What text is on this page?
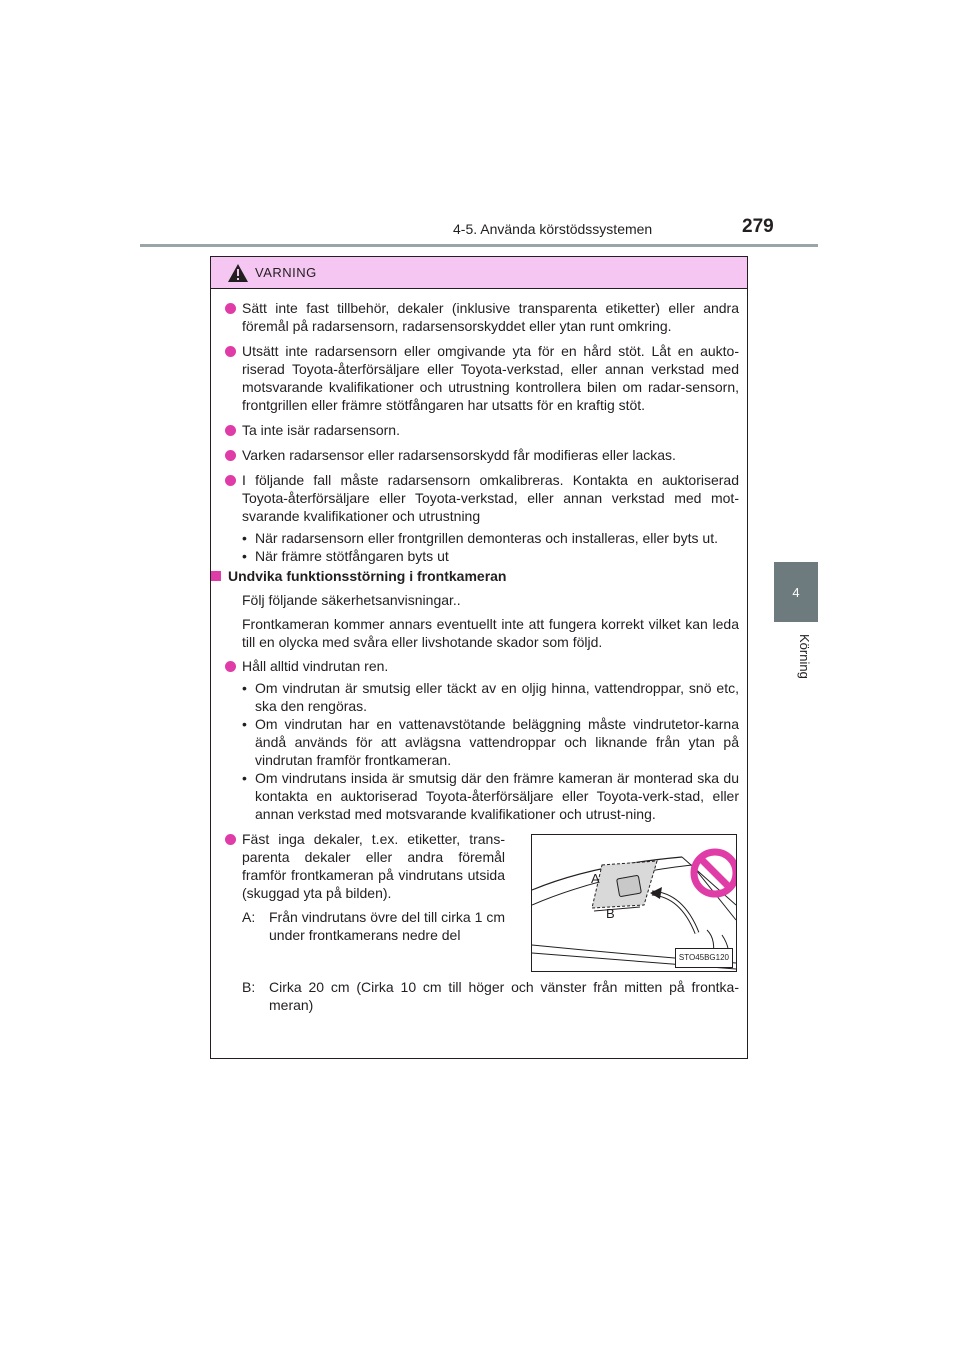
4-5. Använda körstödssystemen	279
4
Körning
VARNING
Sätt inte fast tillbehör, dekaler (inklusive transparenta etiketter) eller andra föremål på radarsensorn, radarsensorskyddet eller ytan runt omkring.
Utsätt inte radarsensorn eller omgivande yta för en hård stöt. Låt en aukto-riserad Toyota-återförsäljare eller Toyota-verkstad, eller annan verkstad med motsvarande kvalifikationer och utrustning kontrollera bilen om radar-sensorn, frontgrillen eller främre stötfångaren har utsatts för en kraftig stöt.
Ta inte isär radarsensorn.
Varken radarsensor eller radarsensorskydd får modifieras eller lackas.
I följande fall måste radarsensorn omkalibreras. Kontakta en auktoriserad Toyota-återförsäljare eller Toyota-verkstad, eller annan verkstad med mot-svarande kvalifikationer och utrustning
• När radarsensorn eller frontgrillen demonteras och installeras, eller byts ut.
• När främre stötfångaren byts ut
Undvika funktionsstörning i frontkameran
Följ följande säkerhetsanvisningar..
Frontkameran kommer annars eventuellt inte att fungera korrekt vilket kan leda till en olycka med svåra eller livshotande skador som följd.
Håll alltid vindrutan ren.
• Om vindrutan är smutsig eller täckt av en oljig hinna, vattendroppar, snö etc, ska den rengöras.
• Om vindrutan har en vattenavstötande beläggning måste vindrutetor-karna ändå används för att avlägsna vattendroppar och liknande från ytan på vindrutan framför frontkameran.
• Om vindrutans insida är smutsig där den främre kameran är monterad ska du kontakta en auktoriserad Toyota-återförsäljare eller Toyota-verk-stad, eller annan verkstad med motsvarande kvalifikationer och utrust-ning.
Fäst inga dekaler, t.ex. etiketter, trans-parenta dekaler eller andra föremål framför frontkameran på vindrutans utsida (skuggad yta på bilden).
A: Från vindrutans övre del till cirka 1 cm under frontkamerans nedre del
A
B
STO45BG120
B: Cirka 20 cm (Cirka 10 cm till höger och vänster från mitten på frontka-meran)
